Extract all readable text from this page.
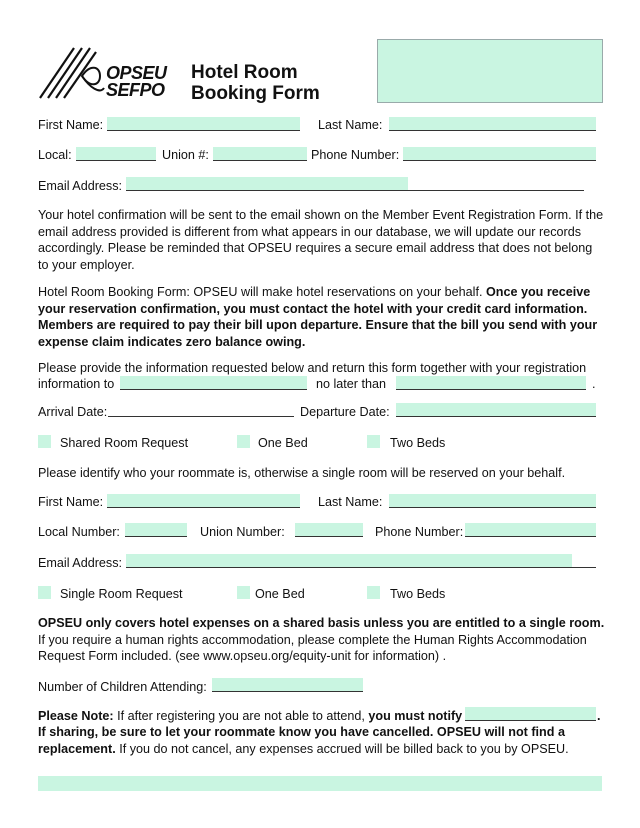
OPSEU
SEFPO
Hotel Room
Booking Form
First Name:	Last Name:
Local:	Union #:	Phone Number:
Email Address:
Your hotel confirmation will be sent to the email shown on the Member Event Registration Form. If the email address provided is different from what appears in our database, we will update our records accordingly. Please be reminded that OPSEU requires a secure email address that does not belong to your employer.
Hotel Room Booking Form: OPSEU will make hotel reservations on your behalf. Once you receive your reservation confirmation, you must contact the hotel with your credit card information. Members are required to pay their bill upon departure. Ensure that the bill you send with your expense claim indicates zero balance owing.
Please provide the information requested below and return this form together with your registration
information to	no later than	.
Arrival Date:	Departure Date:
Shared Room Request	One Bed	Two Beds
Please identify who your roommate is, otherwise a single room will be reserved on your behalf.
First Name:	Last Name:
Local Number:	Union Number:	Phone Number:
Email Address:
Single Room Request	One Bed	Two Beds
OPSEU only covers hotel expenses on a shared basis unless you are entitled to a single room. If you require a human rights accommodation, please complete the Human Rights Accommodation Request Form included. (see www.opseu.org/equity-unit for information) .
Number of Children Attending:
Please Note: If after registering you are not able to attend, you must notify	.
If sharing, be sure to let your roommate know you have cancelled. OPSEU will not find a replacement. If you do not cancel, any expenses accrued will be billed back to you by OPSEU.
